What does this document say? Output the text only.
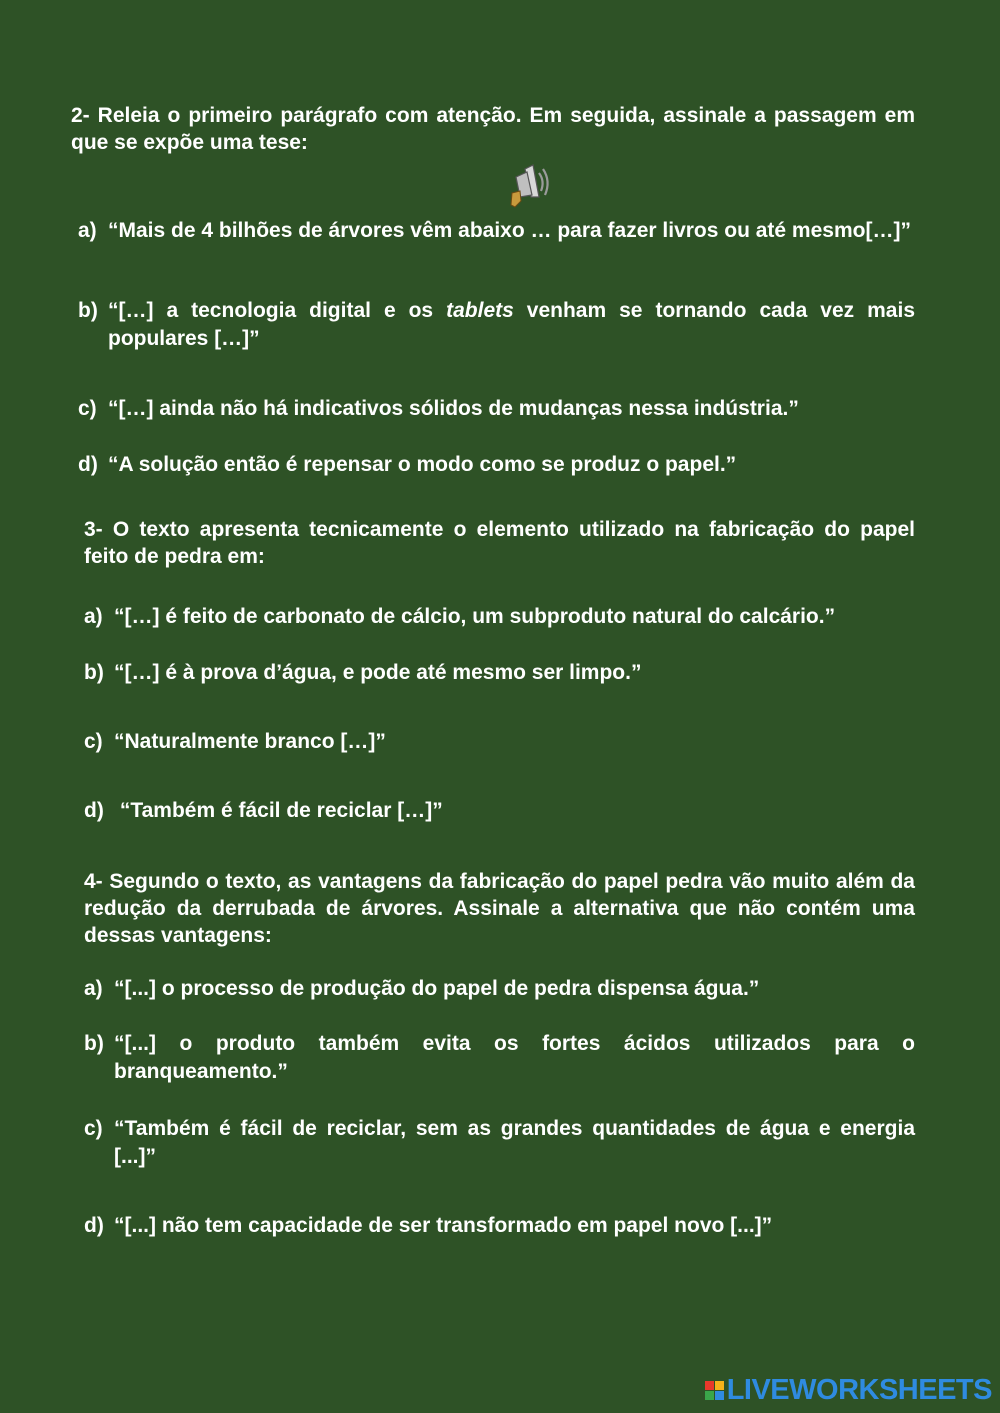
2- Releia o primeiro parágrafo com atenção. Em seguida, assinale a passagem em que se expõe uma tese:
a) “Mais de 4 bilhões de árvores vêm abaixo … para fazer livros ou até mesmo[…]”
b) “[…] a tecnologia digital e os tablets venham se tornando cada vez mais populares […]”
c) “[…] ainda não há indicativos sólidos de mudanças nessa indústria.”
d) “A solução então é repensar o modo como se produz o papel.”
3- O texto apresenta tecnicamente o elemento utilizado na fabricação do papel feito de pedra em:
a) “[…] é feito de carbonato de cálcio, um subproduto natural do calcário.”
b) “[…] é à prova d’água, e pode até mesmo ser limpo.”
c) “Naturalmente branco […]”
d) “Também é fácil de reciclar […]”
4- Segundo o texto, as vantagens da fabricação do papel pedra vão muito além da redução da derrubada de árvores. Assinale a alternativa que não contém uma dessas vantagens:
a) “[...] o processo de produção do papel de pedra dispensa água.”
b) “[...] o produto também evita os fortes ácidos utilizados para o branqueamento.”
c) “Também é fácil de reciclar, sem as grandes quantidades de água e energia [...]”
d) “[...] não tem capacidade de ser transformado em papel novo [...]”
LIVEWORKSHEETS
